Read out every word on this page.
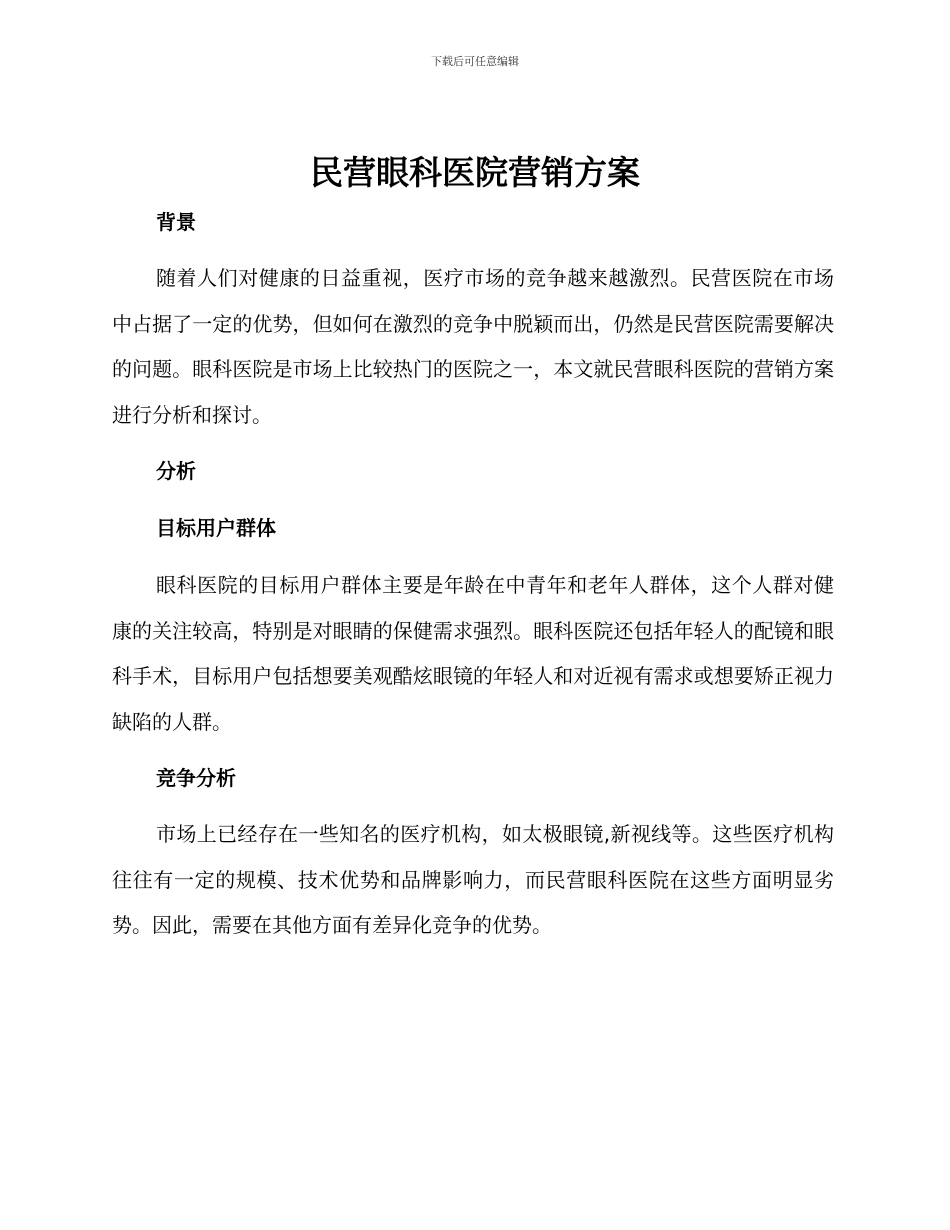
下载后可任意编辑
民营眼科医院营销方案
背景

随着人们对健康的日益重视，医疗市场的竞争越来越激烈。民营医院在市场中占据了一定的优势，但如何在激烈的竞争中脱颖而出，仍然是民营医院需要解决的问题。眼科医院是市场上比较热门的医院之一，本文就民营眼科医院的营销方案进行分析和探讨。

分析
目标用户群体

眼科医院的目标用户群体主要是年龄在中青年和老年人群体，这个人群对健康的关注较高，特别是对眼睛的保健需求强烈。眼科医院还包括年轻人的配镜和眼科手术，目标用户包括想要美观酷炫眼镜的年轻人和对近视有需求或想要矫正视力缺陷的人群。

竞争分析

市场上已经存在一些知名的医疗机构，如太极眼镜,新视线等。这些医疗机构往往有一定的规模、技术优势和品牌影响力，而民营眼科医院在这些方面明显劣势。因此，需要在其他方面有差异化竞争的优势。
